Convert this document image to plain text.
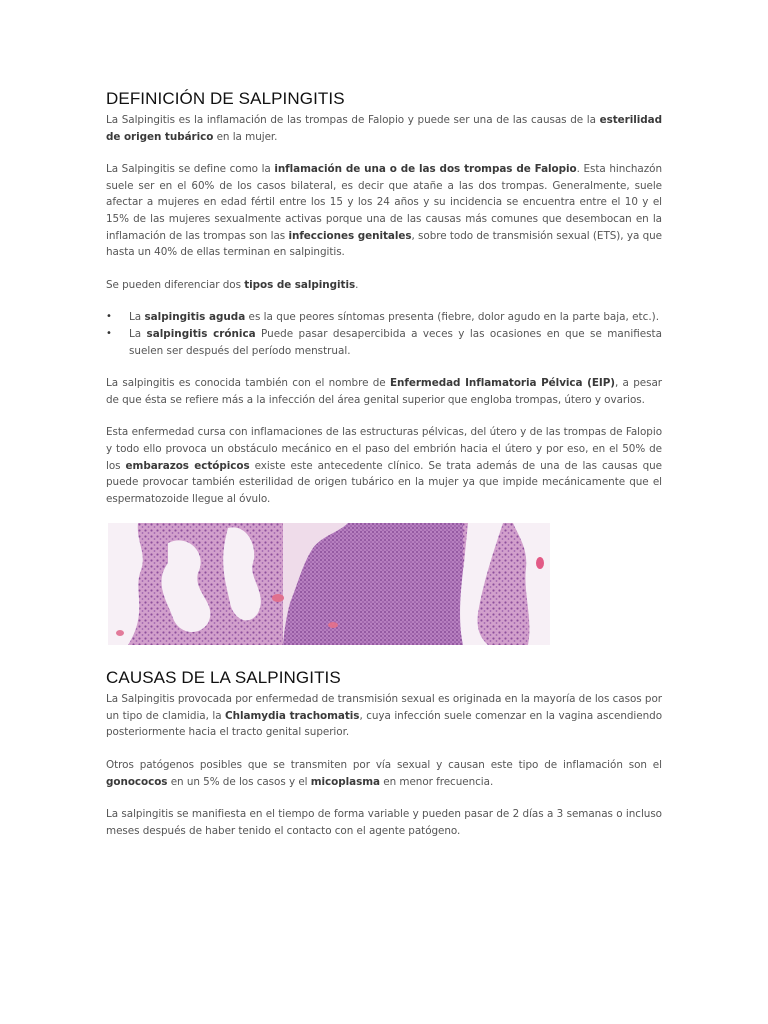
DEFINICIÓN DE SALPINGITIS

La Salpingitis es la inflamación de las trompas de Falopio y puede ser una de las causas de la esterilidad de origen tubárico en la mujer.

La Salpingitis se define como la inflamación de una o de las dos trompas de Falopio. Esta hinchazón suele ser en el 60% de los casos bilateral, es decir que atañe a las dos trompas. Generalmente, suele afectar a mujeres en edad fértil entre los 15 y los 24 años y su incidencia se encuentra entre el 10 y el 15% de las mujeres sexualmente activas porque una de las causas más comunes que desembocan en la inflamación de las trompas son las infecciones genitales, sobre todo de transmisión sexual (ETS), ya que hasta un 40% de ellas terminan en salpingitis.

Se pueden diferenciar dos tipos de salpingitis.

• La salpingitis aguda es la que peores síntomas presenta (fiebre, dolor agudo en la parte baja, etc.).
• La salpingitis crónica Puede pasar desapercibida a veces y las ocasiones en que se manifiesta suelen ser después del período menstrual.

La salpingitis es conocida también con el nombre de Enfermedad Inflamatoria Pélvica (EIP), a pesar de que ésta se refiere más a la infección del área genital superior que engloba trompas, útero y ovarios.

Esta enfermedad cursa con inflamaciones de las estructuras pélvicas, del útero y de las trompas de Falopio y todo ello provoca un obstáculo mecánico en el paso del embrión hacia el útero y por eso, en el 50% de los embarazos ectópicos existe este antecedente clínico. Se trata además de una de las causas que puede provocar también esterilidad de origen tubárico en la mujer ya que impide mecánicamente que el espermatozoide llegue al óvulo.

CAUSAS DE LA SALPINGITIS

La Salpingitis provocada por enfermedad de transmisión sexual es originada en la mayoría de los casos por un tipo de clamidia, la Chlamydia trachomatis, cuya infección suele comenzar en la vagina ascendiendo posteriormente hacia el tracto genital superior.

Otros patógenos posibles que se transmiten por vía sexual y causan este tipo de inflamación son el gonococos en un 5% de los casos y el micoplasma en menor frecuencia.

La salpingitis se manifiesta en el tiempo de forma variable y pueden pasar de 2 días a 3 semanas o incluso meses después de haber tenido el contacto con el agente patógeno.
